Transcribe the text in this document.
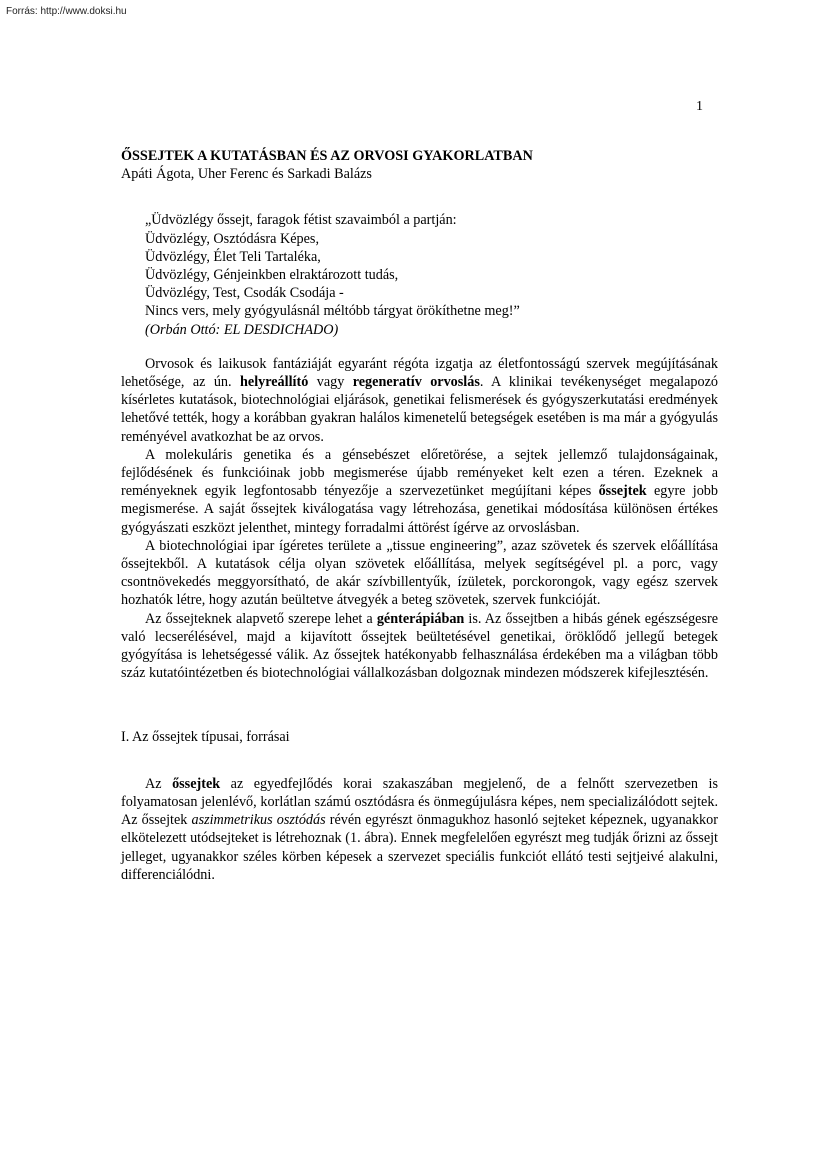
Forrás: http://www.doksi.hu
1
ŐSSEJTEK A KUTATÁSBAN ÉS AZ ORVOSI GYAKORLATBAN
Apáti Ágota, Uher Ferenc és Sarkadi Balázs
„Üdvözlégy őssejt, faragok fétist szavaimból a partján:
Üdvözlégy, Osztódásra Képes,
Üdvözlégy, Élet Teli Tartaléka,
Üdvözlégy, Génjeinkben elraktározott tudás,
Üdvözlégy, Test, Csodák Csodája -
Nincs vers, mely gyógyulásnál méltóbb tárgyat örökíthetne meg!”
(Orbán Ottó: EL DESDICHADO)

Orvosok és laikusok fantáziáját egyaránt régóta izgatja az életfontosságú szervek megújításának lehetősége, az ún. helyreállító vagy regeneratív orvoslás. A klinikai tevékenységet megalapozó kísérletes kutatások, biotechnológiai eljárások, genetikai felismerések és gyógyszerkutatási eredmények lehetővé tették, hogy a korábban gyakran halálos kimenetelű betegségek esetében is ma már a gyógyulás reményével avatkozhat be az orvos.

A molekuláris genetika és a génsebészet előretörése, a sejtek jellemző tulajdonságainak, fejlődésének és funkcióinak jobb megismerése újabb reményeket kelt ezen a téren. Ezeknek a reményeknek egyik legfontosabb tényezője a szervezetünket megújítani képes őssejtek egyre jobb megismerése. A saját őssejtek kiválogatása vagy létrehozása, genetikai módosítása különösen értékes gyógyászati eszközt jelenthet, mintegy forradalmi áttörést ígérve az orvoslásban.

A biotechnológiai ipar ígéretes területe a „tissue engineering”, azaz szövetek és szervek előállítása őssejtekből. A kutatások célja olyan szövetek előállítása, melyek segítségével pl. a porc, vagy csontnövekedés meggyorsítható, de akár szívbillentyűk, ízületek, porckorongok, vagy egész szervek hozhatók létre, hogy azután beültetve átvegyék a beteg szövetek, szervek funkcióját.

Az őssejteknek alapvető szerepe lehet a génterápiában is. Az őssejtben a hibás gének egészségesre való lecserélésével, majd a kijavított őssejtek beültetésével genetikai, öröklődő jellegű betegek gyógyítása is lehetségessé válik. Az őssejtek hatékonyabb felhasználása érdekében ma a világban több száz kutatóintézetben és biotechnológiai vállalkozásban dolgoznak mindezen módszerek kifejlesztésén.

I. Az őssejtek típusai, forrásai

Az őssejtek az egyedfejlődés korai szakaszában megjelenő, de a felnőtt szervezetben is folyamatosan jelenlévő, korlátlan számú osztódásra és önmegújulásra képes, nem specializálódott sejtek. Az őssejtek aszimmetrikus osztódás révén egyrészt önmagukhoz hasonló sejteket képeznek, ugyanakkor elkötelezett utódsejteket is létrehoznak (1. ábra). Ennek megfelelően egyrészt meg tudják őrizni az őssejt jelleget, ugyanakkor széles körben képesek a szervezet speciális funkciót ellátó testi sejtjeivé alakulni, differenciálódni.
